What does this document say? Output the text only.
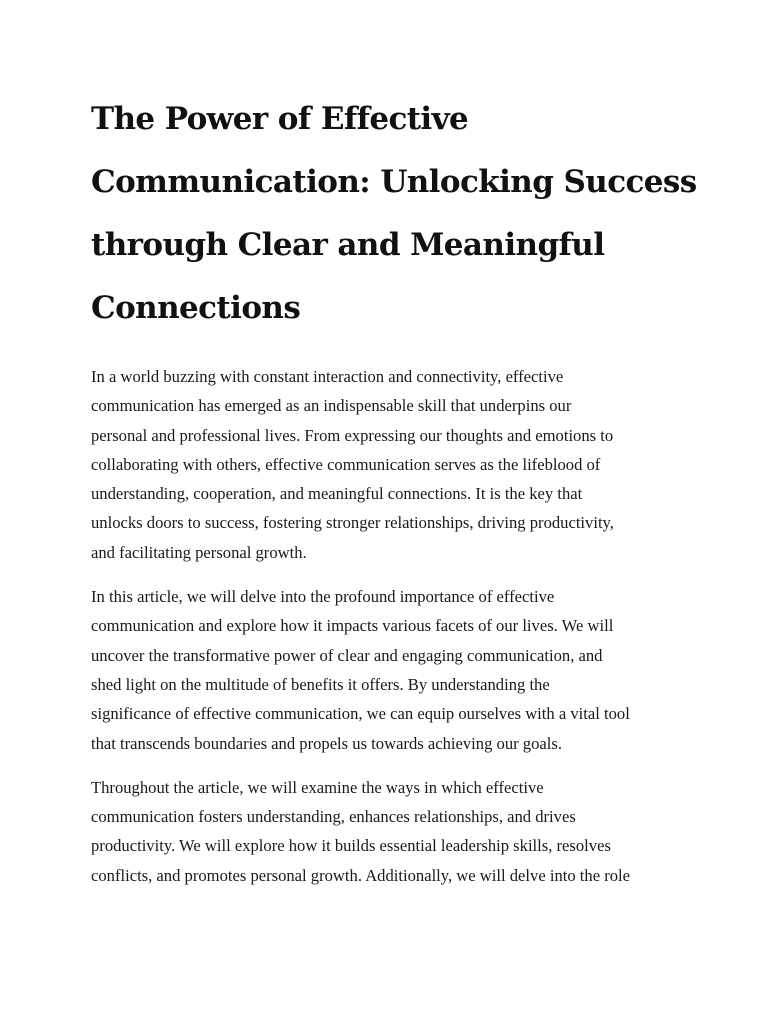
The Power of Effective
Communication: Unlocking Success
through Clear and Meaningful
Connections

In a world buzzing with constant interaction and connectivity, effective
communication has emerged as an indispensable skill that underpins our
personal and professional lives. From expressing our thoughts and emotions to
collaborating with others, effective communication serves as the lifeblood of
understanding, cooperation, and meaningful connections. It is the key that
unlocks doors to success, fostering stronger relationships, driving productivity,
and facilitating personal growth.

In this article, we will delve into the profound importance of effective
communication and explore how it impacts various facets of our lives. We will
uncover the transformative power of clear and engaging communication, and
shed light on the multitude of benefits it offers. By understanding the
significance of effective communication, we can equip ourselves with a vital tool
that transcends boundaries and propels us towards achieving our goals.

Throughout the article, we will examine the ways in which effective
communication fosters understanding, enhances relationships, and drives
productivity. We will explore how it builds essential leadership skills, resolves
conflicts, and promotes personal growth. Additionally, we will delve into the role
